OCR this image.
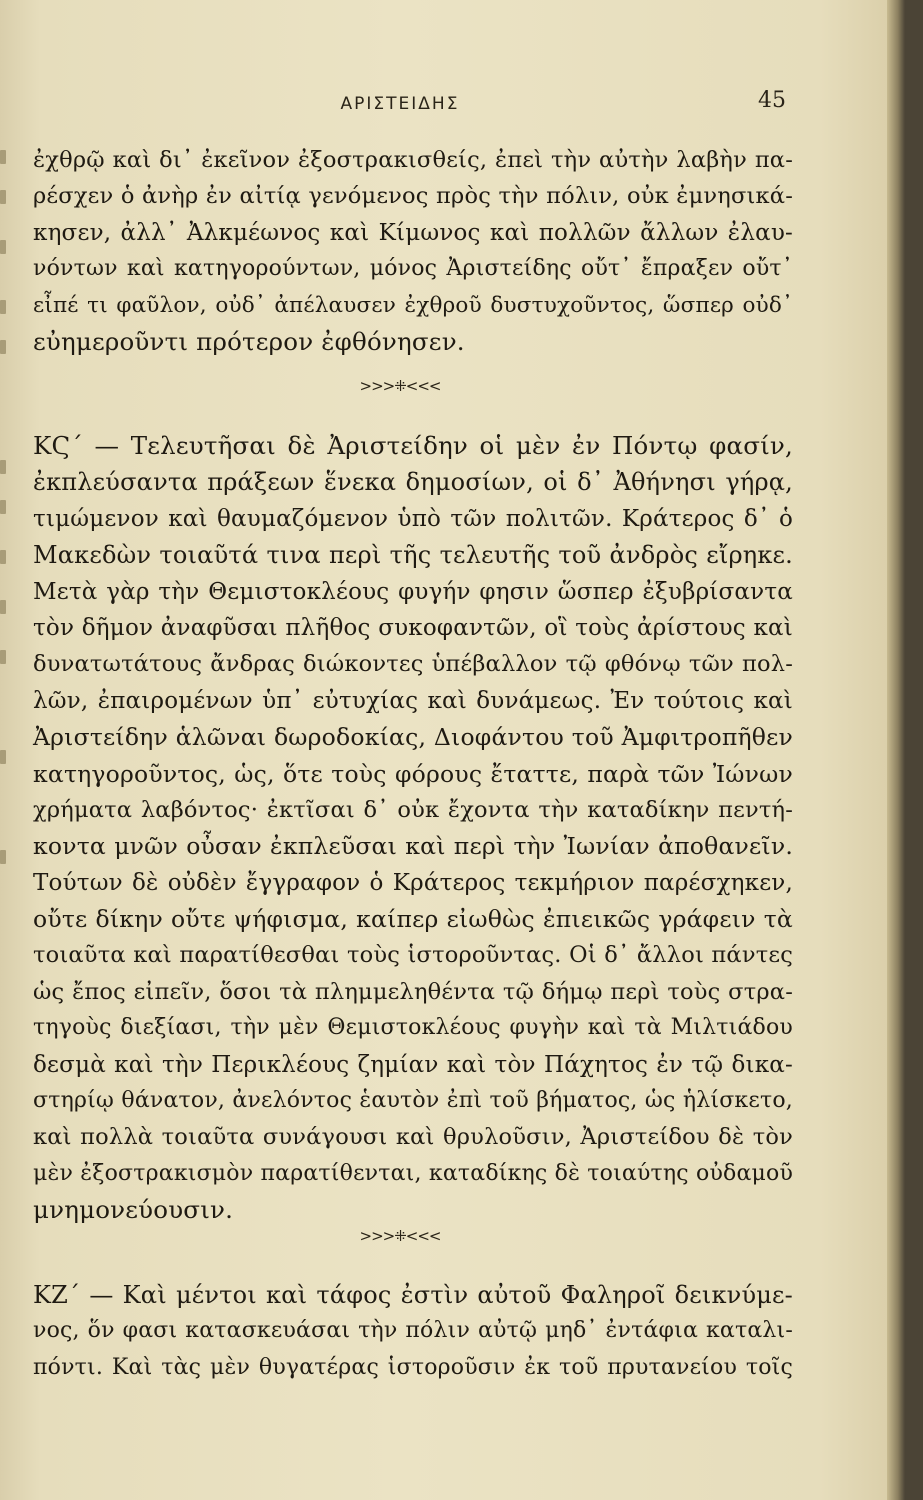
ΑΡΙΣΤΕΙΔΗΣ	45
ἐχθρῷ καὶ δι᾽ ἐκεῖνον ἐξοστρακισθείς, ἐπεὶ τὴν αὐτὴν λαβὴν πα-
ρέσχεν ὁ ἀνὴρ ἐν αἰτίᾳ γενόμενος πρὸς τὴν πόλιν, οὐκ ἐμνησικά-
κησεν, ἀλλ᾽ Ἀλκμέωνος καὶ Κίμωνος καὶ πολλῶν ἄλλων ἐλαυ-
νόντων καὶ κατηγορούντων, μόνος Ἀριστείδης οὔτ᾽ ἔπραξεν οὔτ᾽
εἶπέ τι φαῦλον, οὐδ᾽ ἀπέλαυσεν ἐχθροῦ δυστυχοῦντος, ὥσπερ οὐδ᾽
εὐημεροῦντι πρότερον ἐφθόνησεν.
>>>⁜<<<
ΚϚ΄ — Τελευτῆσαι δὲ Ἀριστείδην οἱ μὲν ἐν Πόντῳ φασίν,
ἐκπλεύσαντα πράξεων ἕνεκα δημοσίων, οἱ δ᾽ Ἀθήνησι γήρᾳ,
τιμώμενον καὶ θαυμαζόμενον ὑπὸ τῶν πολιτῶν. Κράτερος δ᾽ ὁ
Μακεδὼν τοιαῦτά τινα περὶ τῆς τελευτῆς τοῦ ἀνδρὸς εἴρηκε.
Μετὰ γὰρ τὴν Θεμιστοκλέους φυγήν φησιν ὥσπερ ἐξυβρίσαντα
τὸν δῆμον ἀναφῦσαι πλῆθος συκοφαντῶν, οἳ τοὺς ἀρίστους καὶ
δυνατωτάτους ἄνδρας διώκοντες ὑπέβαλλον τῷ φθόνῳ τῶν πολ-
λῶν, ἐπαιρομένων ὑπ᾽ εὐτυχίας καὶ δυνάμεως. Ἐν τούτοις καὶ
Ἀριστείδην ἁλῶναι δωροδοκίας, Διοφάντου τοῦ Ἀμφιτροπῆθεν
κατηγοροῦντος, ὡς, ὅτε τοὺς φόρους ἔταττε, παρὰ τῶν Ἰώνων
χρήματα λαβόντος· ἐκτῖσαι δ᾽ οὐκ ἔχοντα τὴν καταδίκην πεντή-
κοντα μνῶν οὖσαν ἐκπλεῦσαι καὶ περὶ τὴν Ἰωνίαν ἀποθανεῖν.
Τούτων δὲ οὐδὲν ἔγγραφον ὁ Κράτερος τεκμήριον παρέσχηκεν,
οὔτε δίκην οὔτε ψήφισμα, καίπερ εἰωθὼς ἐπιεικῶς γράφειν τὰ
τοιαῦτα καὶ παρατίθεσθαι τοὺς ἱστοροῦντας. Οἱ δ᾽ ἄλλοι πάντες
ὡς ἔπος εἰπεῖν, ὅσοι τὰ πλημμεληθέντα τῷ δήμῳ περὶ τοὺς στρα-
τηγοὺς διεξίασι, τὴν μὲν Θεμιστοκλέους φυγὴν καὶ τὰ Μιλτιάδου
δεσμὰ καὶ τὴν Περικλέους ζημίαν καὶ τὸν Πάχητος ἐν τῷ δικα-
στηρίῳ θάνατον, ἀνελόντος ἑαυτὸν ἐπὶ τοῦ βήματος, ὡς ἡλίσκετο,
καὶ πολλὰ τοιαῦτα συνάγουσι καὶ θρυλοῦσιν, Ἀριστείδου δὲ τὸν
μὲν ἐξοστρακισμὸν παρατίθενται, καταδίκης δὲ τοιαύτης οὐδαμοῦ
μνημονεύουσιν.
>>>⁜<<<
ΚΖ΄ — Καὶ μέντοι καὶ τάφος ἐστὶν αὐτοῦ Φαληροῖ δεικνύμε-
νος, ὅν φασι κατασκευάσαι τὴν πόλιν αὐτῷ μηδ᾽ ἐντάφια καταλι-
πόντι. Καὶ τὰς μὲν θυγατέρας ἱστοροῦσιν ἐκ τοῦ πρυτανείου τοῖς
